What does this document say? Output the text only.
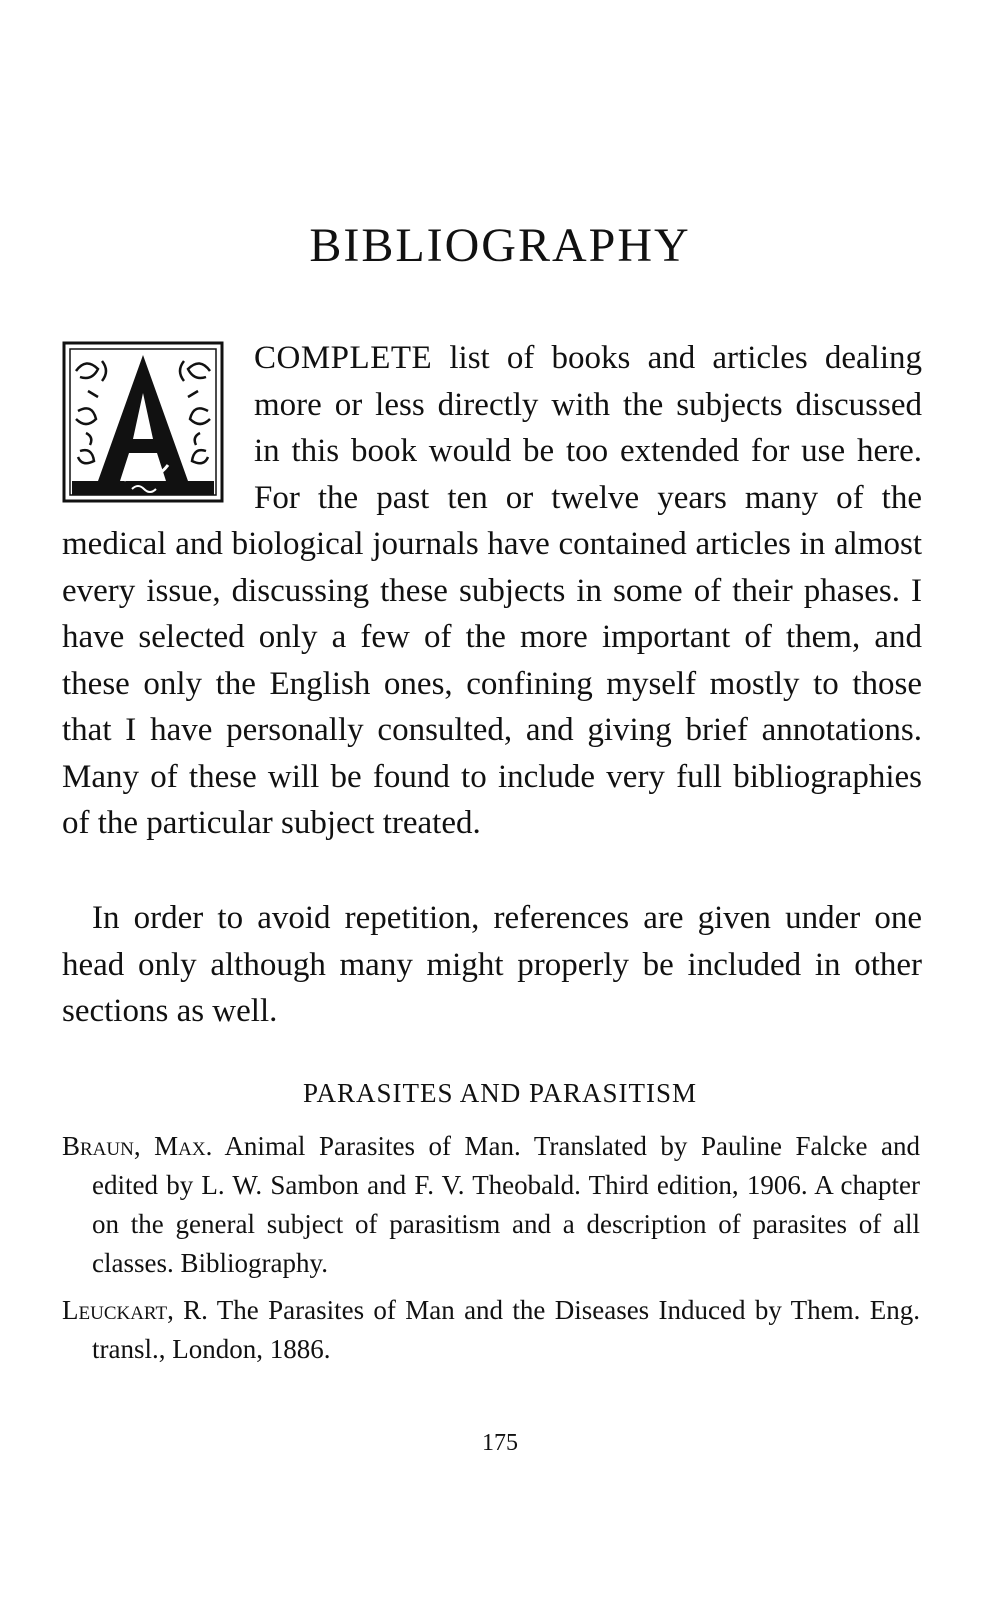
BIBLIOGRAPHY

COMPLETE list of books and articles dealing more or less directly with the subjects discussed in this book would be too extended for use here. For the past ten or twelve years many of the medical and biological journals have contained articles in almost every issue, discussing these subjects in some of their phases. I have selected only a few of the more important of them, and these only the English ones, confining myself mostly to those that I have personally consulted, and giving brief annotations. Many of these will be found to include very full bibliographies of the particular subject treated.

In order to avoid repetition, references are given under one head only although many might properly be included in other sections as well.

PARASITES AND PARASITISM

Braun, Max. Animal Parasites of Man. Translated by Pauline Falcke and edited by L. W. Sambon and F. V. Theobald. Third edition, 1906. A chapter on the general subject of parasitism and a description of parasites of all classes. Bibliography.

Leuckart, R. The Parasites of Man and the Diseases Induced by Them. Eng. transl., London, 1886.

175
